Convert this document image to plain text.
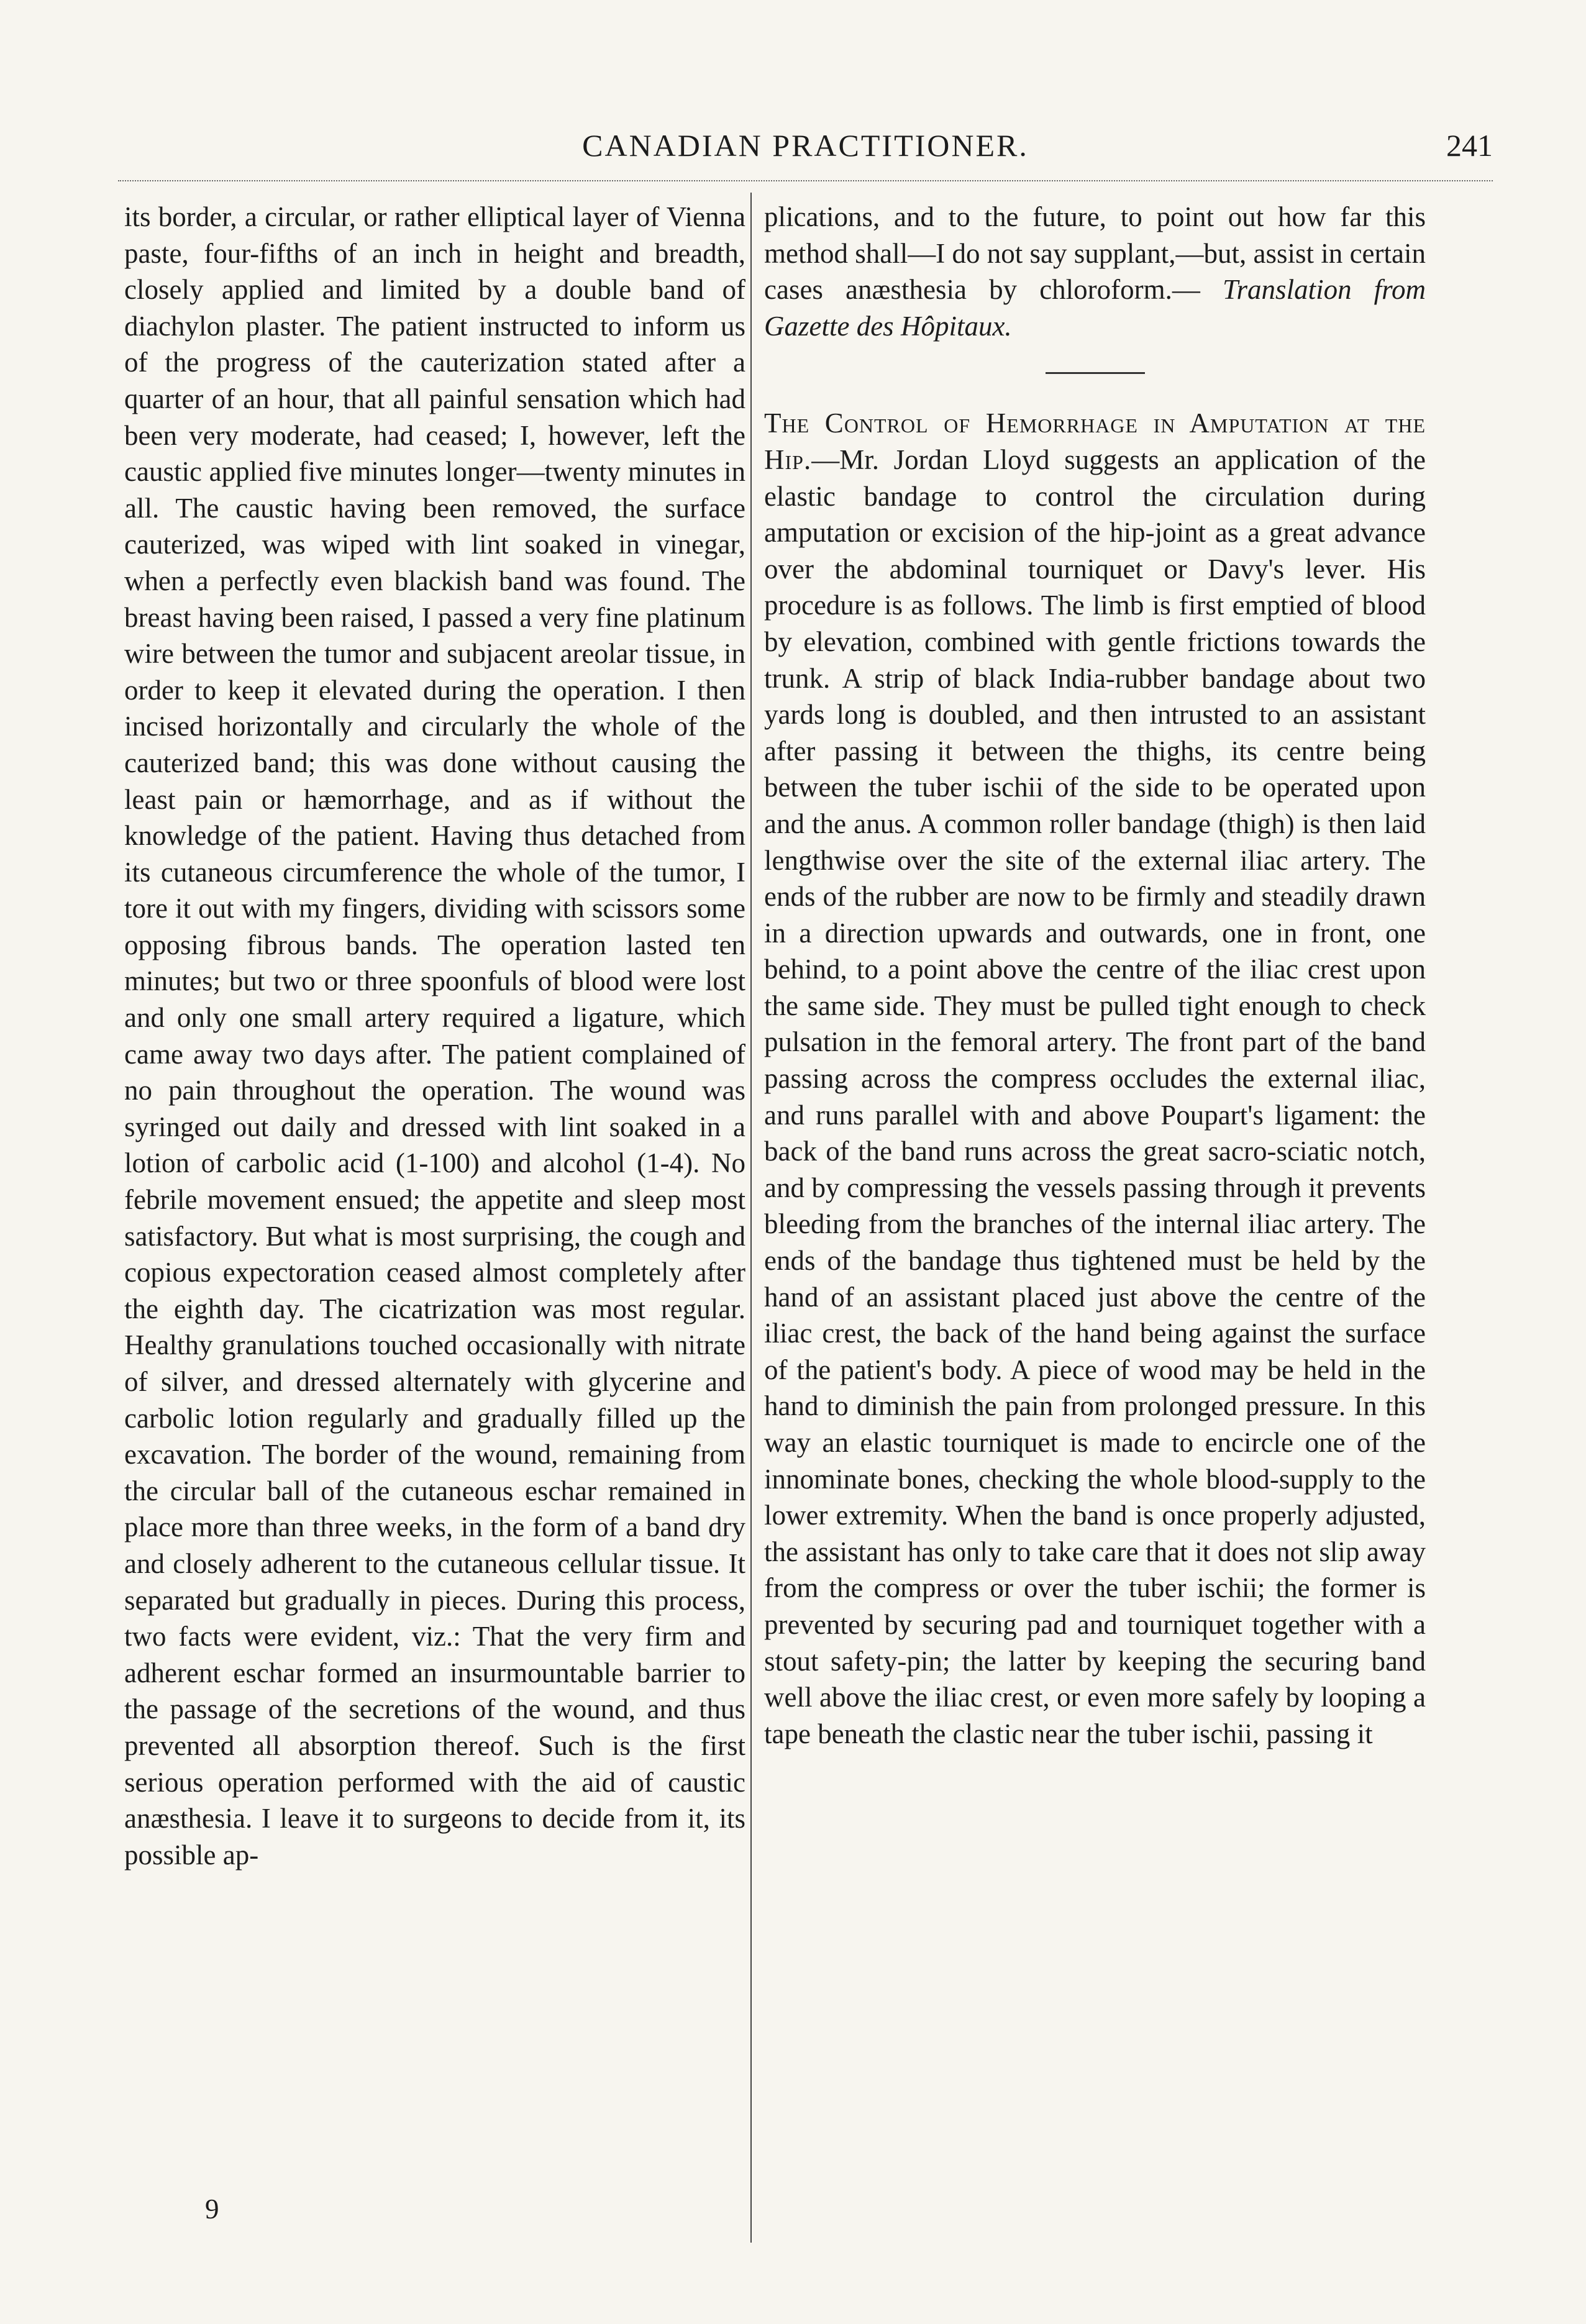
CANADIAN PRACTITIONER.	241

its border, a circular, or rather elliptical layer of Vienna paste, four-fifths of an inch in height and breadth, closely applied and limited by a double band of diachylon plaster. The patient instructed to inform us of the progress of the cauterization stated after a quarter of an hour, that all painful sensation which had been very moderate, had ceased; I, however, left the caustic applied five minutes longer—twenty minutes in all. The caustic having been removed, the surface cauterized, was wiped with lint soaked in vinegar, when a perfectly even blackish band was found. The breast having been raised, I passed a very fine platinum wire between the tumor and subjacent areolar tissue, in order to keep it elevated during the operation. I then incised horizontally and circularly the whole of the cauterized band; this was done without causing the least pain or hæmorrhage, and as if without the knowledge of the patient. Having thus detached from its cutaneous circumference the whole of the tumor, I tore it out with my fingers, dividing with scissors some opposing fibrous bands. The operation lasted ten minutes; but two or three spoonfuls of blood were lost and only one small artery required a ligature, which came away two days after. The patient complained of no pain throughout the operation. The wound was syringed out daily and dressed with lint soaked in a lotion of carbolic acid (1-100) and alcohol (1-4). No febrile movement ensued; the appetite and sleep most satisfactory. But what is most surprising, the cough and copious expectoration ceased almost completely after the eighth day. The cicatrization was most regular. Healthy granulations touched occasionally with nitrate of silver, and dressed alternately with glycerine and carbolic lotion regularly and gradually filled up the excavation. The border of the wound, remaining from the circular ball of the cutaneous eschar remained in place more than three weeks, in the form of a band dry and closely adherent to the cutaneous cellular tissue. It separated but gradually in pieces. During this process, two facts were evident, viz.: That the very firm and adherent eschar formed an insurmountable barrier to the passage of the secretions of the wound, and thus prevented all absorption thereof. Such is the first serious operation performed with the aid of caustic anæsthesia. I leave it to surgeons to decide from it, its possible ap-

plications, and to the future, to point out how far this method shall—I do not say supplant,—but, assist in certain cases anæsthesia by chloroform.— Translation from Gazette des Hôpitaux.

The Control of Hemorrhage in Amputation at the Hip.—Mr. Jordan Lloyd suggests an application of the elastic bandage to control the circulation during amputation or excision of the hip-joint as a great advance over the abdominal tourniquet or Davy's lever. His procedure is as follows. The limb is first emptied of blood by elevation, combined with gentle frictions towards the trunk. A strip of black India-rubber bandage about two yards long is doubled, and then intrusted to an assistant after passing it between the thighs, its centre being between the tuber ischii of the side to be operated upon and the anus. A common roller bandage (thigh) is then laid lengthwise over the site of the external iliac artery. The ends of the rubber are now to be firmly and steadily drawn in a direction upwards and outwards, one in front, one behind, to a point above the centre of the iliac crest upon the same side. They must be pulled tight enough to check pulsation in the femoral artery. The front part of the band passing across the compress occludes the external iliac, and runs parallel with and above Poupart's ligament: the back of the band runs across the great sacro-sciatic notch, and by compressing the vessels passing through it prevents bleeding from the branches of the internal iliac artery. The ends of the bandage thus tightened must be held by the hand of an assistant placed just above the centre of the iliac crest, the back of the hand being against the surface of the patient's body. A piece of wood may be held in the hand to diminish the pain from prolonged pressure. In this way an elastic tourniquet is made to encircle one of the innominate bones, checking the whole blood-supply to the lower extremity. When the band is once properly adjusted, the assistant has only to take care that it does not slip away from the compress or over the tuber ischii; the former is prevented by securing pad and tourniquet together with a stout safety-pin; the latter by keeping the securing band well above the iliac crest, or even more safely by looping a tape beneath the clastic near the tuber ischii, passing it

9
